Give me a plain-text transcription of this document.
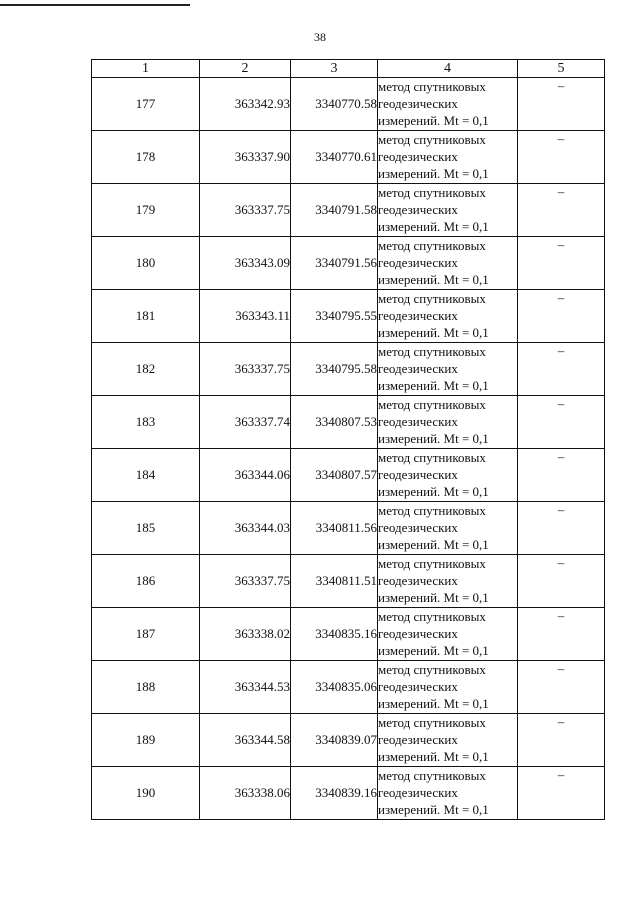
38
1	2	3	4	5
177	363342.93	3340770.58	метод спутниковых
геодезических
измерений. Mt = 0,1	–
178	363337.90	3340770.61	метод спутниковых
геодезических
измерений. Mt = 0,1	–
179	363337.75	3340791.58	метод спутниковых
геодезических
измерений. Mt = 0,1	–
180	363343.09	3340791.56	метод спутниковых
геодезических
измерений. Mt = 0,1	–
181	363343.11	3340795.55	метод спутниковых
геодезических
измерений. Mt = 0,1	–
182	363337.75	3340795.58	метод спутниковых
геодезических
измерений. Mt = 0,1	–
183	363337.74	3340807.53	метод спутниковых
геодезических
измерений. Mt = 0,1	–
184	363344.06	3340807.57	метод спутниковых
геодезических
измерений. Mt = 0,1	–
185	363344.03	3340811.56	метод спутниковых
геодезических
измерений. Mt = 0,1	–
186	363337.75	3340811.51	метод спутниковых
геодезических
измерений. Mt = 0,1	–
187	363338.02	3340835.16	метод спутниковых
геодезических
измерений. Mt = 0,1	–
188	363344.53	3340835.06	метод спутниковых
геодезических
измерений. Mt = 0,1	–
189	363344.58	3340839.07	метод спутниковых
геодезических
измерений. Mt = 0,1	–
190	363338.06	3340839.16	метод спутниковых
геодезических
измерений. Mt = 0,1	–
